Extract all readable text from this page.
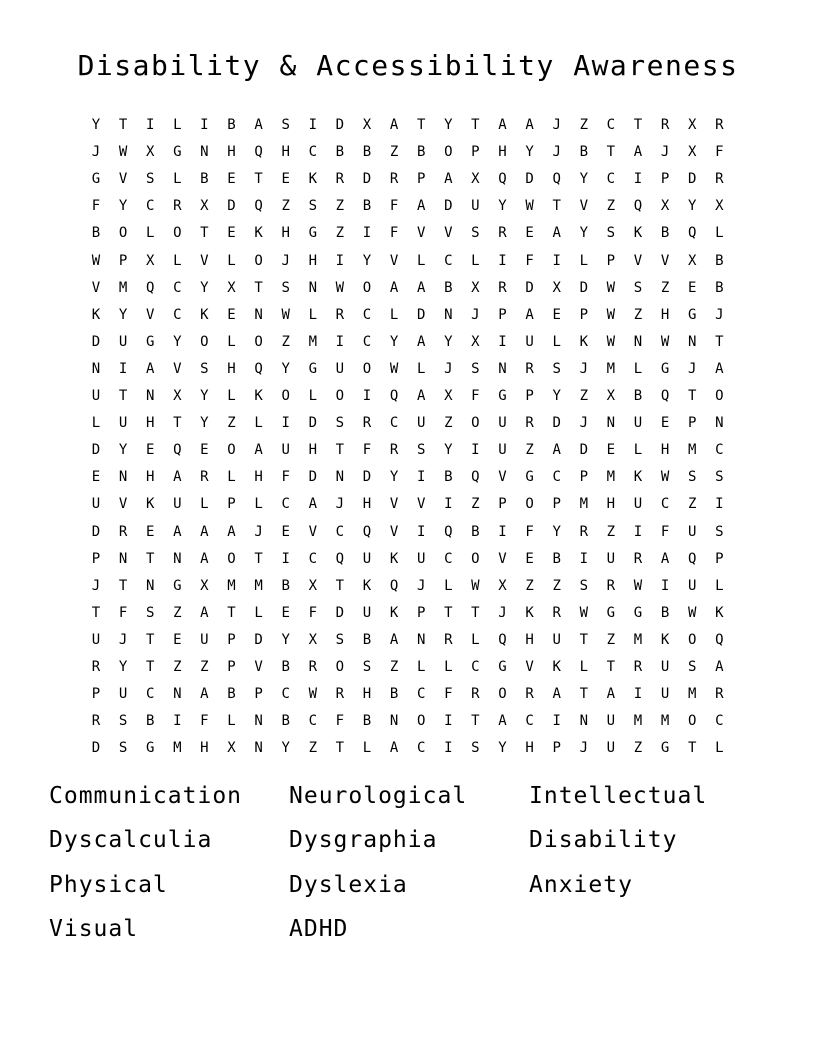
Disability & Accessibility Awareness
Y	T	I	L	I	B	A	S	I	D	X	A	T	Y	T	A	A	J	Z	C	T	R	X	R
J	W	X	G	N	H	Q	H	C	B	B	Z	B	O	P	H	Y	J	B	T	A	J	X	F
G	V	S	L	B	E	T	E	K	R	D	R	P	A	X	Q	D	Q	Y	C	I	P	D	R
F	Y	C	R	X	D	Q	Z	S	Z	B	F	A	D	U	Y	W	T	V	Z	Q	X	Y	X
B	O	L	O	T	E	K	H	G	Z	I	F	V	V	S	R	E	A	Y	S	K	B	Q	L
W	P	X	L	V	L	O	J	H	I	Y	V	L	C	L	I	F	I	L	P	V	V	X	B
V	M	Q	C	Y	X	T	S	N	W	O	A	A	B	X	R	D	X	D	W	S	Z	E	B
K	Y	V	C	K	E	N	W	L	R	C	L	D	N	J	P	A	E	P	W	Z	H	G	J
D	U	G	Y	O	L	O	Z	M	I	C	Y	A	Y	X	I	U	L	K	W	N	W	N	T
N	I	A	V	S	H	Q	Y	G	U	O	W	L	J	S	N	R	S	J	M	L	G	J	A
U	T	N	X	Y	L	K	O	L	O	I	Q	A	X	F	G	P	Y	Z	X	B	Q	T	O
L	U	H	T	Y	Z	L	I	D	S	R	C	U	Z	O	U	R	D	J	N	U	E	P	N
D	Y	E	Q	E	O	A	U	H	T	F	R	S	Y	I	U	Z	A	D	E	L	H	M	C
E	N	H	A	R	L	H	F	D	N	D	Y	I	B	Q	V	G	C	P	M	K	W	S	S
U	V	K	U	L	P	L	C	A	J	H	V	V	I	Z	P	O	P	M	H	U	C	Z	I
D	R	E	A	A	A	J	E	V	C	Q	V	I	Q	B	I	F	Y	R	Z	I	F	U	S
P	N	T	N	A	O	T	I	C	Q	U	K	U	C	O	V	E	B	I	U	R	A	Q	P
J	T	N	G	X	M	M	B	X	T	K	Q	J	L	W	X	Z	Z	S	R	W	I	U	L
T	F	S	Z	A	T	L	E	F	D	U	K	P	T	T	J	K	R	W	G	G	B	W	K
U	J	T	E	U	P	D	Y	X	S	B	A	N	R	L	Q	H	U	T	Z	M	K	O	Q
R	Y	T	Z	Z	P	V	B	R	O	S	Z	L	L	C	G	V	K	L	T	R	U	S	A
P	U	C	N	A	B	P	C	W	R	H	B	C	F	R	O	R	A	T	A	I	U	M	R
R	S	B	I	F	L	N	B	C	F	B	N	O	I	T	A	C	I	N	U	M	M	O	C
D	S	G	M	H	X	N	Y	Z	T	L	A	C	I	S	Y	H	P	J	U	Z	G	T	L
Communication Neurological	Intellectual
Dyscalculia	Dysgraphia	Disability
Physical	Dyslexia	Anxiety
Visual	ADHD
